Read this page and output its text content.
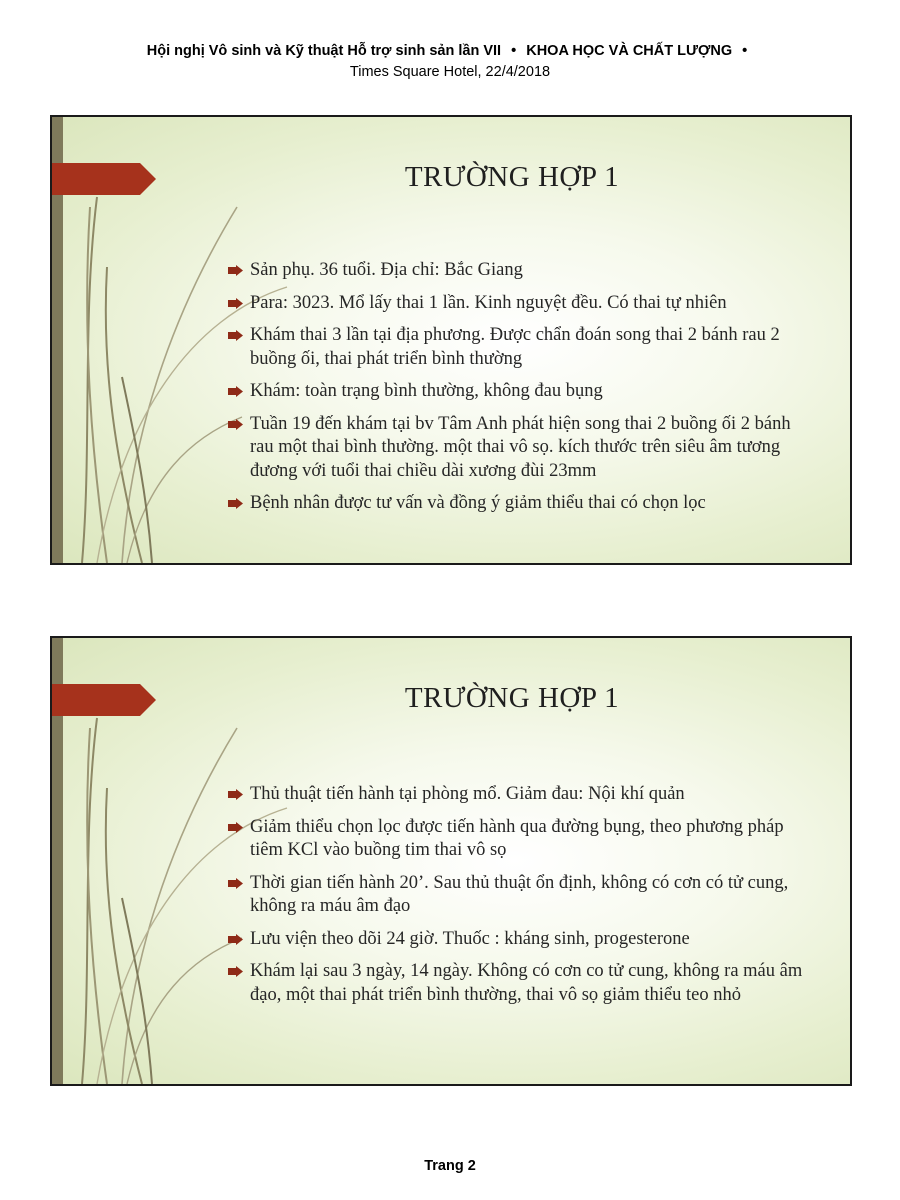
Hội nghị Vô sinh và Kỹ thuật Hỗ trợ sinh sản lần VII • KHOA HỌC VÀ CHẤT LƯỢNG •
Times Square Hotel, 22/4/2018
TRƯỜNG HỢP 1
Sản phụ. 36 tuổi. Địa chỉ: Bắc Giang
Para: 3023. Mổ lấy thai 1 lần. Kinh nguyệt đều. Có thai tự nhiên
Khám thai 3 lần tại địa phương. Được chẩn đoán song thai 2 bánh rau 2 buồng ối, thai phát triển bình thường
Khám: toàn trạng bình thường, không đau bụng
Tuần 19 đến khám tại bv Tâm Anh phát hiện song thai 2 buồng ối 2 bánh rau một thai bình thường. một thai vô sọ. kích thước trên siêu âm tương đương với tuổi thai chiều dài xương đùi 23mm
Bệnh nhân được tư vấn và đồng ý giảm thiểu thai có chọn lọc
TRƯỜNG HỢP 1
Thủ thuật tiến hành tại phòng mổ. Giảm đau: Nội khí quản
Giảm thiểu chọn lọc được tiến hành qua đường bụng, theo phương pháp tiêm KCl vào buồng tim thai vô sọ
Thời gian tiến hành 20’. Sau thủ thuật ổn định, không có cơn có tử cung, không ra máu âm đạo
Lưu viện theo dõi 24 giờ. Thuốc : kháng sinh, progesterone
Khám lại sau 3 ngày, 14 ngày. Không có cơn co tử cung, không ra máu âm đạo, một thai phát triển bình thường, thai vô sọ giảm thiểu teo nhỏ
Trang 2
